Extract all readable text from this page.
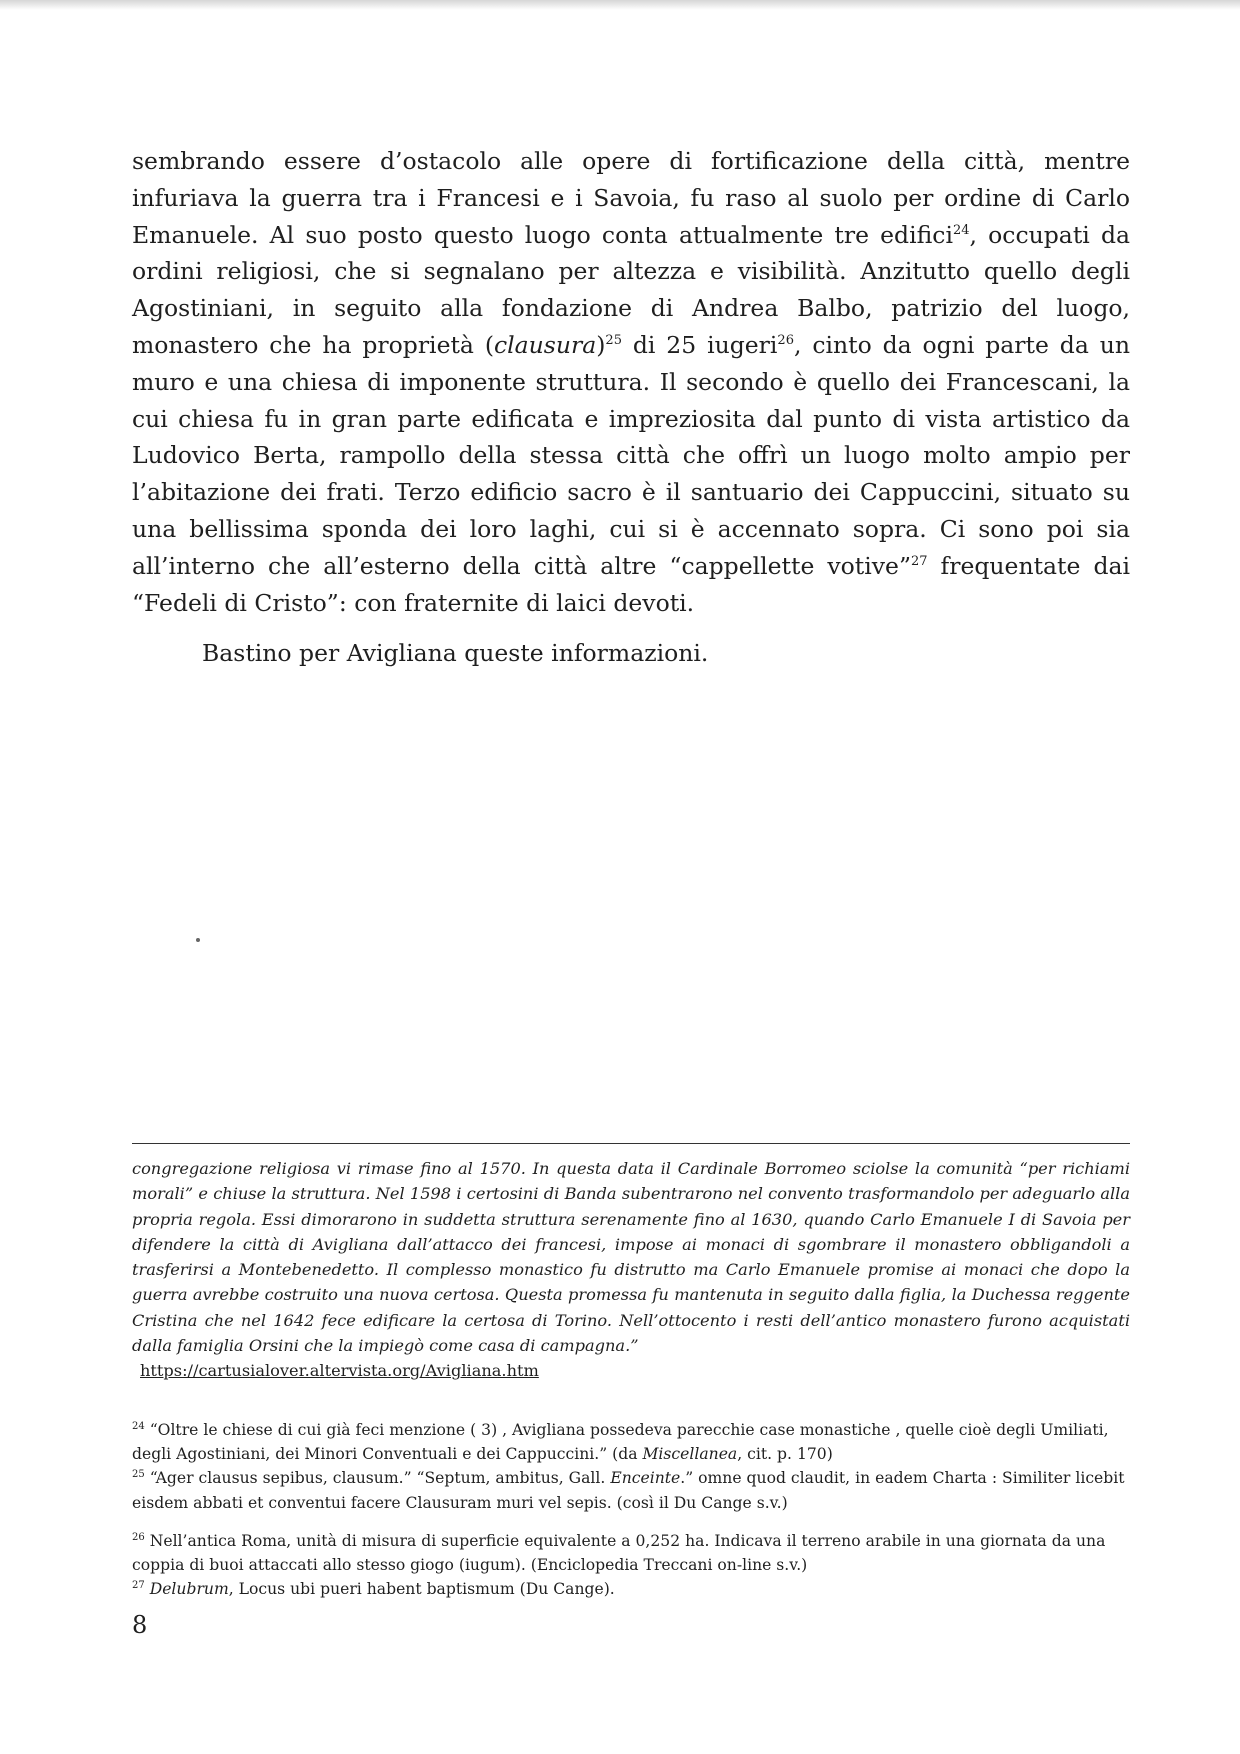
sembrando essere d’ostacolo alle opere di fortificazione della città, mentre infuriava la guerra tra i Francesi e i Savoia, fu raso al suolo per ordine di Carlo Emanuele. Al suo posto questo luogo conta attualmente tre edifici$^{24}$, occupati da ordini religiosi, che si segnalano per altezza e visibilità. Anzitutto quello degli Agostiniani, in seguito alla fondazione di Andrea Balbo, patrizio del luogo, monastero che ha proprietà (clausura)$^{25}$ di 25 iugeri$^{26}$, cinto da ogni parte da un muro e una chiesa di imponente struttura. Il secondo è quello dei Francescani, la cui chiesa fu in gran parte edificata e impreziosita dal punto di vista artistico da Ludovico Berta, rampollo della stessa città che offrì un luogo molto ampio per l’abitazione dei frati. Terzo edificio sacro è il santuario dei Cappuccini, situato su una bellissima sponda dei loro laghi, cui si è accennato sopra. Ci sono poi sia all’interno che all’esterno della città altre “cappellette votive”$^{27}$ frequentate dai “Fedeli di Cristo”: con fraternite di laici devoti.

Bastino per Avigliana queste informazioni.

congregazione religiosa vi rimase fino al 1570. In questa data il Cardinale Borromeo sciolse la comunità “per richiami morali” e chiuse la struttura. Nel 1598 i certosini di Banda subentrarono nel convento trasformandolo per adeguarlo alla propria regola. Essi dimorarono in suddetta struttura serenamente fino al 1630, quando Carlo Emanuele I di Savoia per difendere la città di Avigliana dall’attacco dei francesi, impose ai monaci di sgombrare il monastero obbligandoli a trasferirsi a Montebenedetto. Il complesso monastico fu distrutto ma Carlo Emanuele promise ai monaci che dopo la guerra avrebbe costruito una nuova certosa. Questa promessa fu mantenuta in seguito dalla figlia, la Duchessa reggente Cristina che nel 1642 fece edificare la certosa di Torino. Nell’ottocento i resti dell’antico monastero furono acquistati dalla famiglia Orsini che la impiegò come casa di campagna.”
https://cartusialover.altervista.org/Avigliana.htm

$^{24}$ “Oltre le chiese di cui già feci menzione ( 3) , Avigliana possedeva parecchie case monastiche , quelle cioè degli Umiliati, degli Agostiniani, dei Minori Conventuali e dei Cappuccini.” (da Miscellanea, cit. p. 170)

$^{25}$ “Ager clausus sepibus, clausum.” “Septum, ambitus, Gall. Enceinte.” omne quod claudit, in eadem Charta : Similiter licebit eisdem abbati et conventui facere Clausuram muri vel sepis. (così il Du Cange s.v.)

$^{26}$ Nell’antica Roma, unità di misura di superficie equivalente a 0,252 ha. Indicava il terreno arabile in una giornata da una coppia di buoi attaccati allo stesso giogo (iugum). (Enciclopedia Treccani on-line s.v.)

$^{27}$ Delubrum, Locus ubi pueri habent baptismum (Du Cange).

8
